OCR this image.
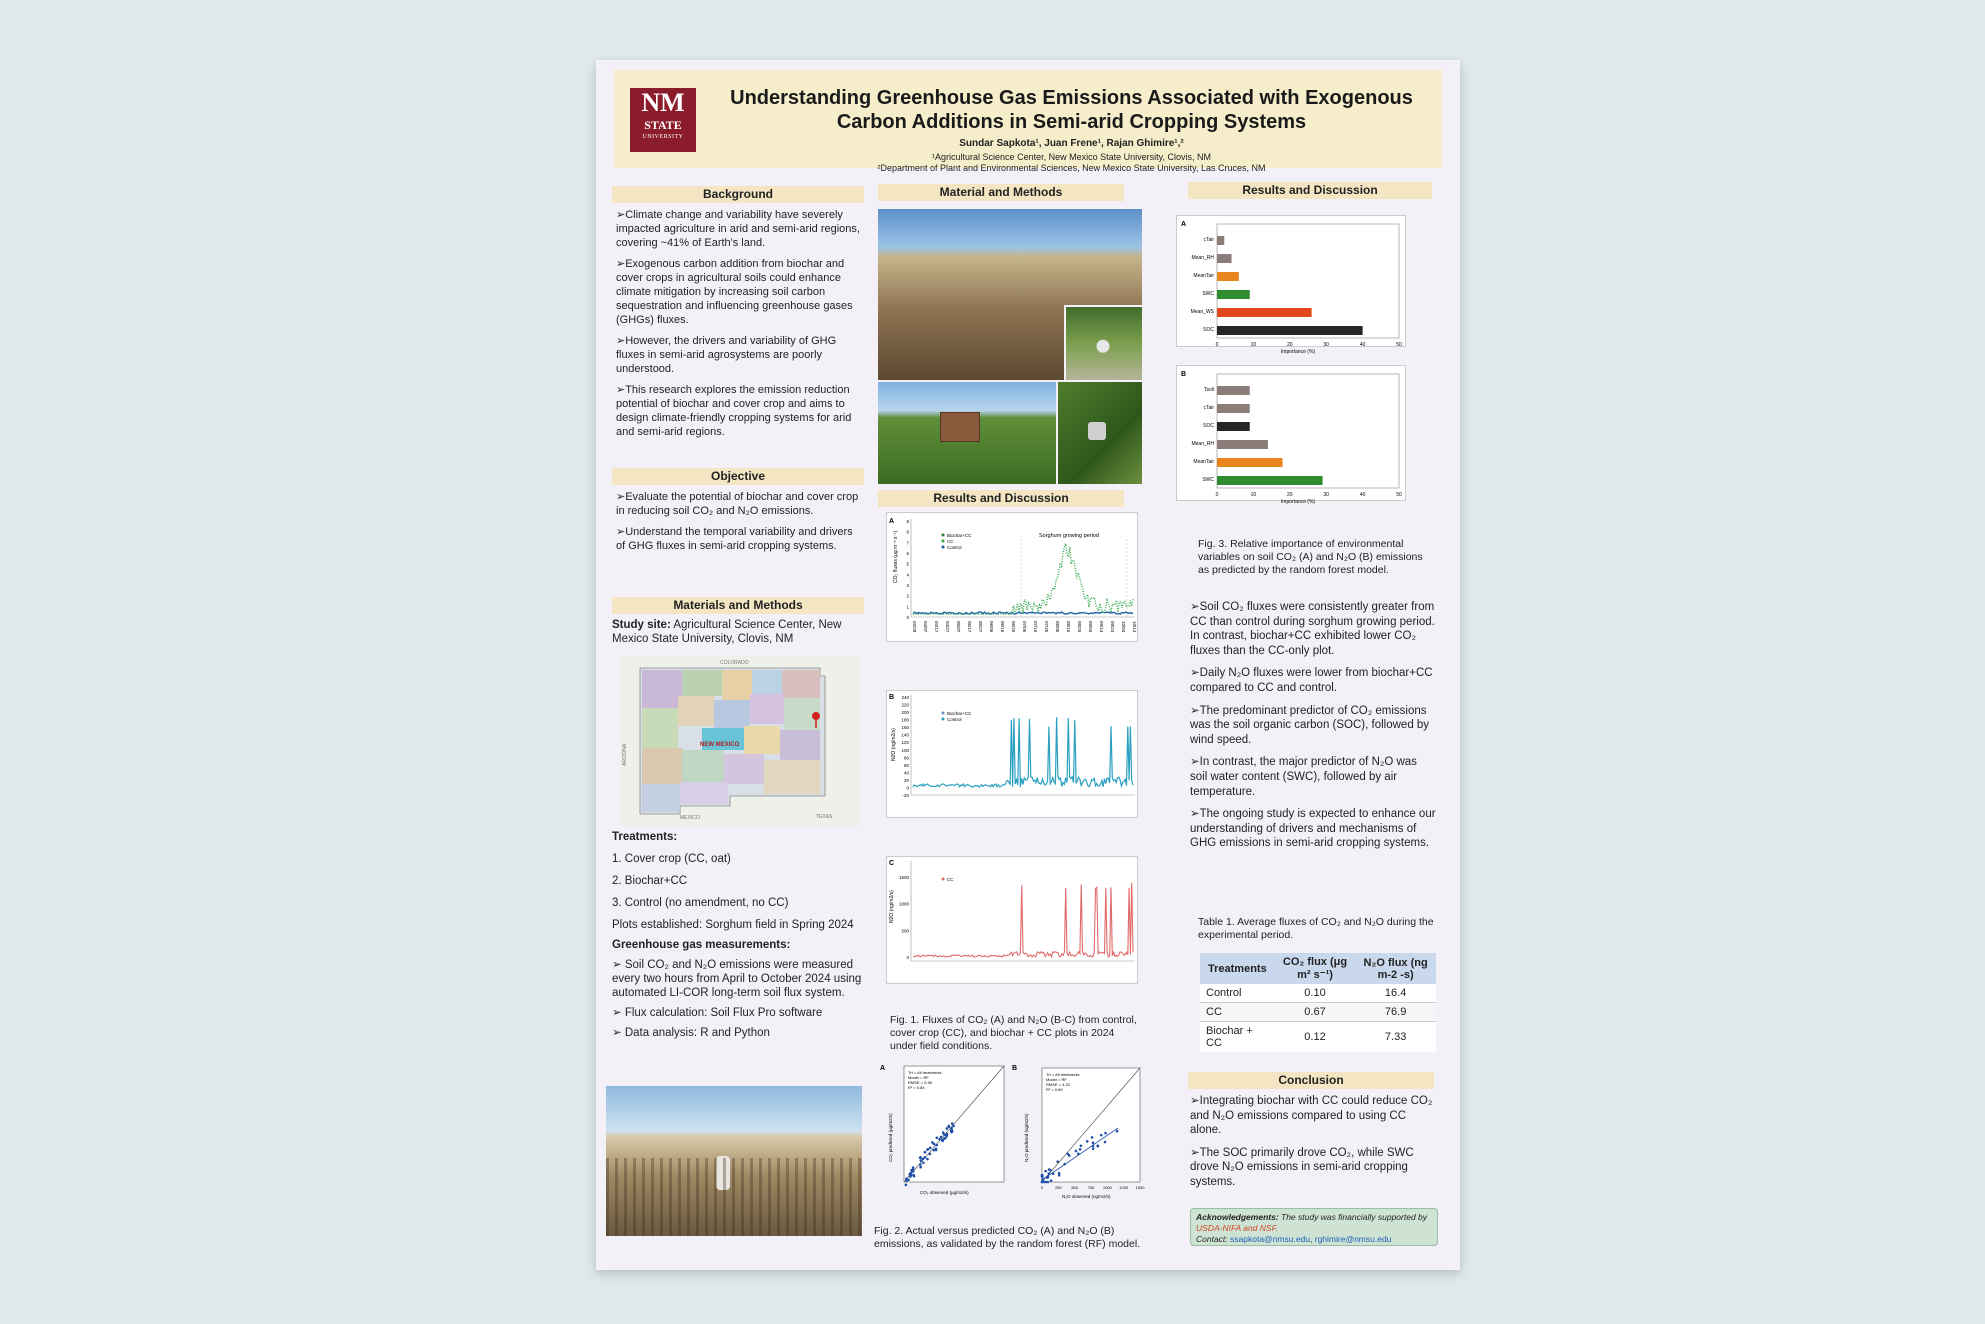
NM
STATE
UNIVERSITY
Understanding Greenhouse Gas Emissions Associated with Exogenous
Carbon Additions in Semi-arid Cropping Systems
Sundar Sapkota¹, Juan Frene¹, Rajan Ghimire¹,²
¹Agricultural Science Center, New Mexico State University, Clovis, NM
²Department of Plant and Environmental Sciences, New Mexico State University, Las Cruces, NM
Background

➢Climate change and variability have severely impacted agriculture in arid and semi-arid regions, covering ~41% of Earth's land.

➢Exogenous carbon addition from biochar and cover crops in agricultural soils could enhance climate mitigation by increasing soil carbon sequestration and influencing greenhouse gases (GHGs) fluxes.

➢However, the drivers and variability of GHG fluxes in semi-arid agrosystems are poorly understood.

➢This research explores the emission reduction potential of biochar and cover crop and aims to design climate-friendly cropping systems for arid and semi-arid regions.

Objective

➢Evaluate the potential of biochar and cover crop in reducing soil CO₂ and N₂O emissions.

➢Understand the temporal variability and drivers of GHG fluxes in semi-arid cropping systems.

Materials and Methods
Study site: Agricultural Science Center, New Mexico State University, Clovis, NM
COLORADO
ARIZONA
TEXAS
MEXICO
NEW MEXICO
Treatments:
1. Cover crop (CC, oat)
2. Biochar+CC
3. Control (no amendment, no CC)
Plots established: Sorghum field in Spring 2024
Greenhouse gas measurements:
➢ Soil CO₂ and N₂O emissions were measured every two hours from April to October 2024 using automated LI-COR long-term soil flux system.
➢ Flux calculation: Soil Flux Pro software
➢ Data analysis: R and Python
Material and Methods
Results and Discussion
A
0
1
2
3
4
5
6
7
8
9
03/28 04/07 04/17 04/27 05/07 05/17 05/27 06/06 06/16 06/26 07/06 07/16 07/26 08/05 08/15 08/25 09/04 09/14 09/24 10/04 10/14
CO₂ fluxes (μg m⁻² s⁻¹)	Biochar+CC
CC
Control
Sorghum growing period
B
-20
0
20
40
60
80
100
120
140
160
180
200
220
240
N2O (ng/m2/s)
Biochar+CC
Control
C
0
500
1000
1500
N2O (ng/m2/s)
CC
Fig. 1. Fluxes of CO₂ (A) and N₂O (B-C) from control, cover crop (CC), and biochar + CC plots in 2024 under field conditions.
A
Trt = All treatments
Model = RF
RMSE = 0.38
R² = 0.84
CO₂ observed (μg/m2/s)
CO₂ predicted (μg/m2/s)
B
Trt = All treatments
Model = RF
RMSE = 4.20
R² = 0.69
0	250 500 750 1000 1250 1500
N₂O observed (ng/m2/s)
N₂O predicted (ng/m2/s)
Fig. 2. Actual versus predicted CO₂ (A) and N₂O (B) emissions, as validated by the random forest (RF) model.
Results and Discussion
A
cTair
Mean_RH
MeanTair
SWC
Mean_WS
SOC
0	10	20	30	40	50
Importance (%)
B
Tsoil
cTair
SOC
Mean_RH
MeanTair
SWC
0	10	20	30	40	50
Importance (%)
Fig. 3. Relative importance of environmental variables on soil CO₂ (A) and N₂O (B) emissions as predicted by the random forest model.

➢Soil CO₂ fluxes were consistently greater from CC than control during sorghum growing period. In contrast, biochar+CC exhibited lower CO₂ fluxes than the CC-only plot.

➢Daily N₂O fluxes were lower from biochar+CC compared to CC and control.

➢The predominant predictor of CO₂ emissions was the soil organic carbon (SOC), followed by wind speed.

➢In contrast, the major predictor of N₂O was soil water content (SWC), followed by air temperature.

➢The ongoing study is expected to enhance our understanding of drivers and mechanisms of GHG emissions in semi-arid cropping systems.

Table 1. Average fluxes of CO₂ and N₂O during the experimental period.
Treatments	CO₂ flux (μg m² s⁻¹)	N₂O flux (ng m-2 -s)
Control	0.10	16.4
CC	0.67	76.9
Biochar + CC	0.12	7.33
Conclusion

➢Integrating biochar with CC could reduce CO₂ and N₂O emissions compared to using CC alone.

➢The SOC primarily drove CO₂, while SWC drove N₂O emissions in semi-arid cropping systems.

Acknowledgements: The study was financially supported by USDA-NIFA and NSF.
Contact: ssapkota@nmsu.edu, rghimire@nmsu.edu
